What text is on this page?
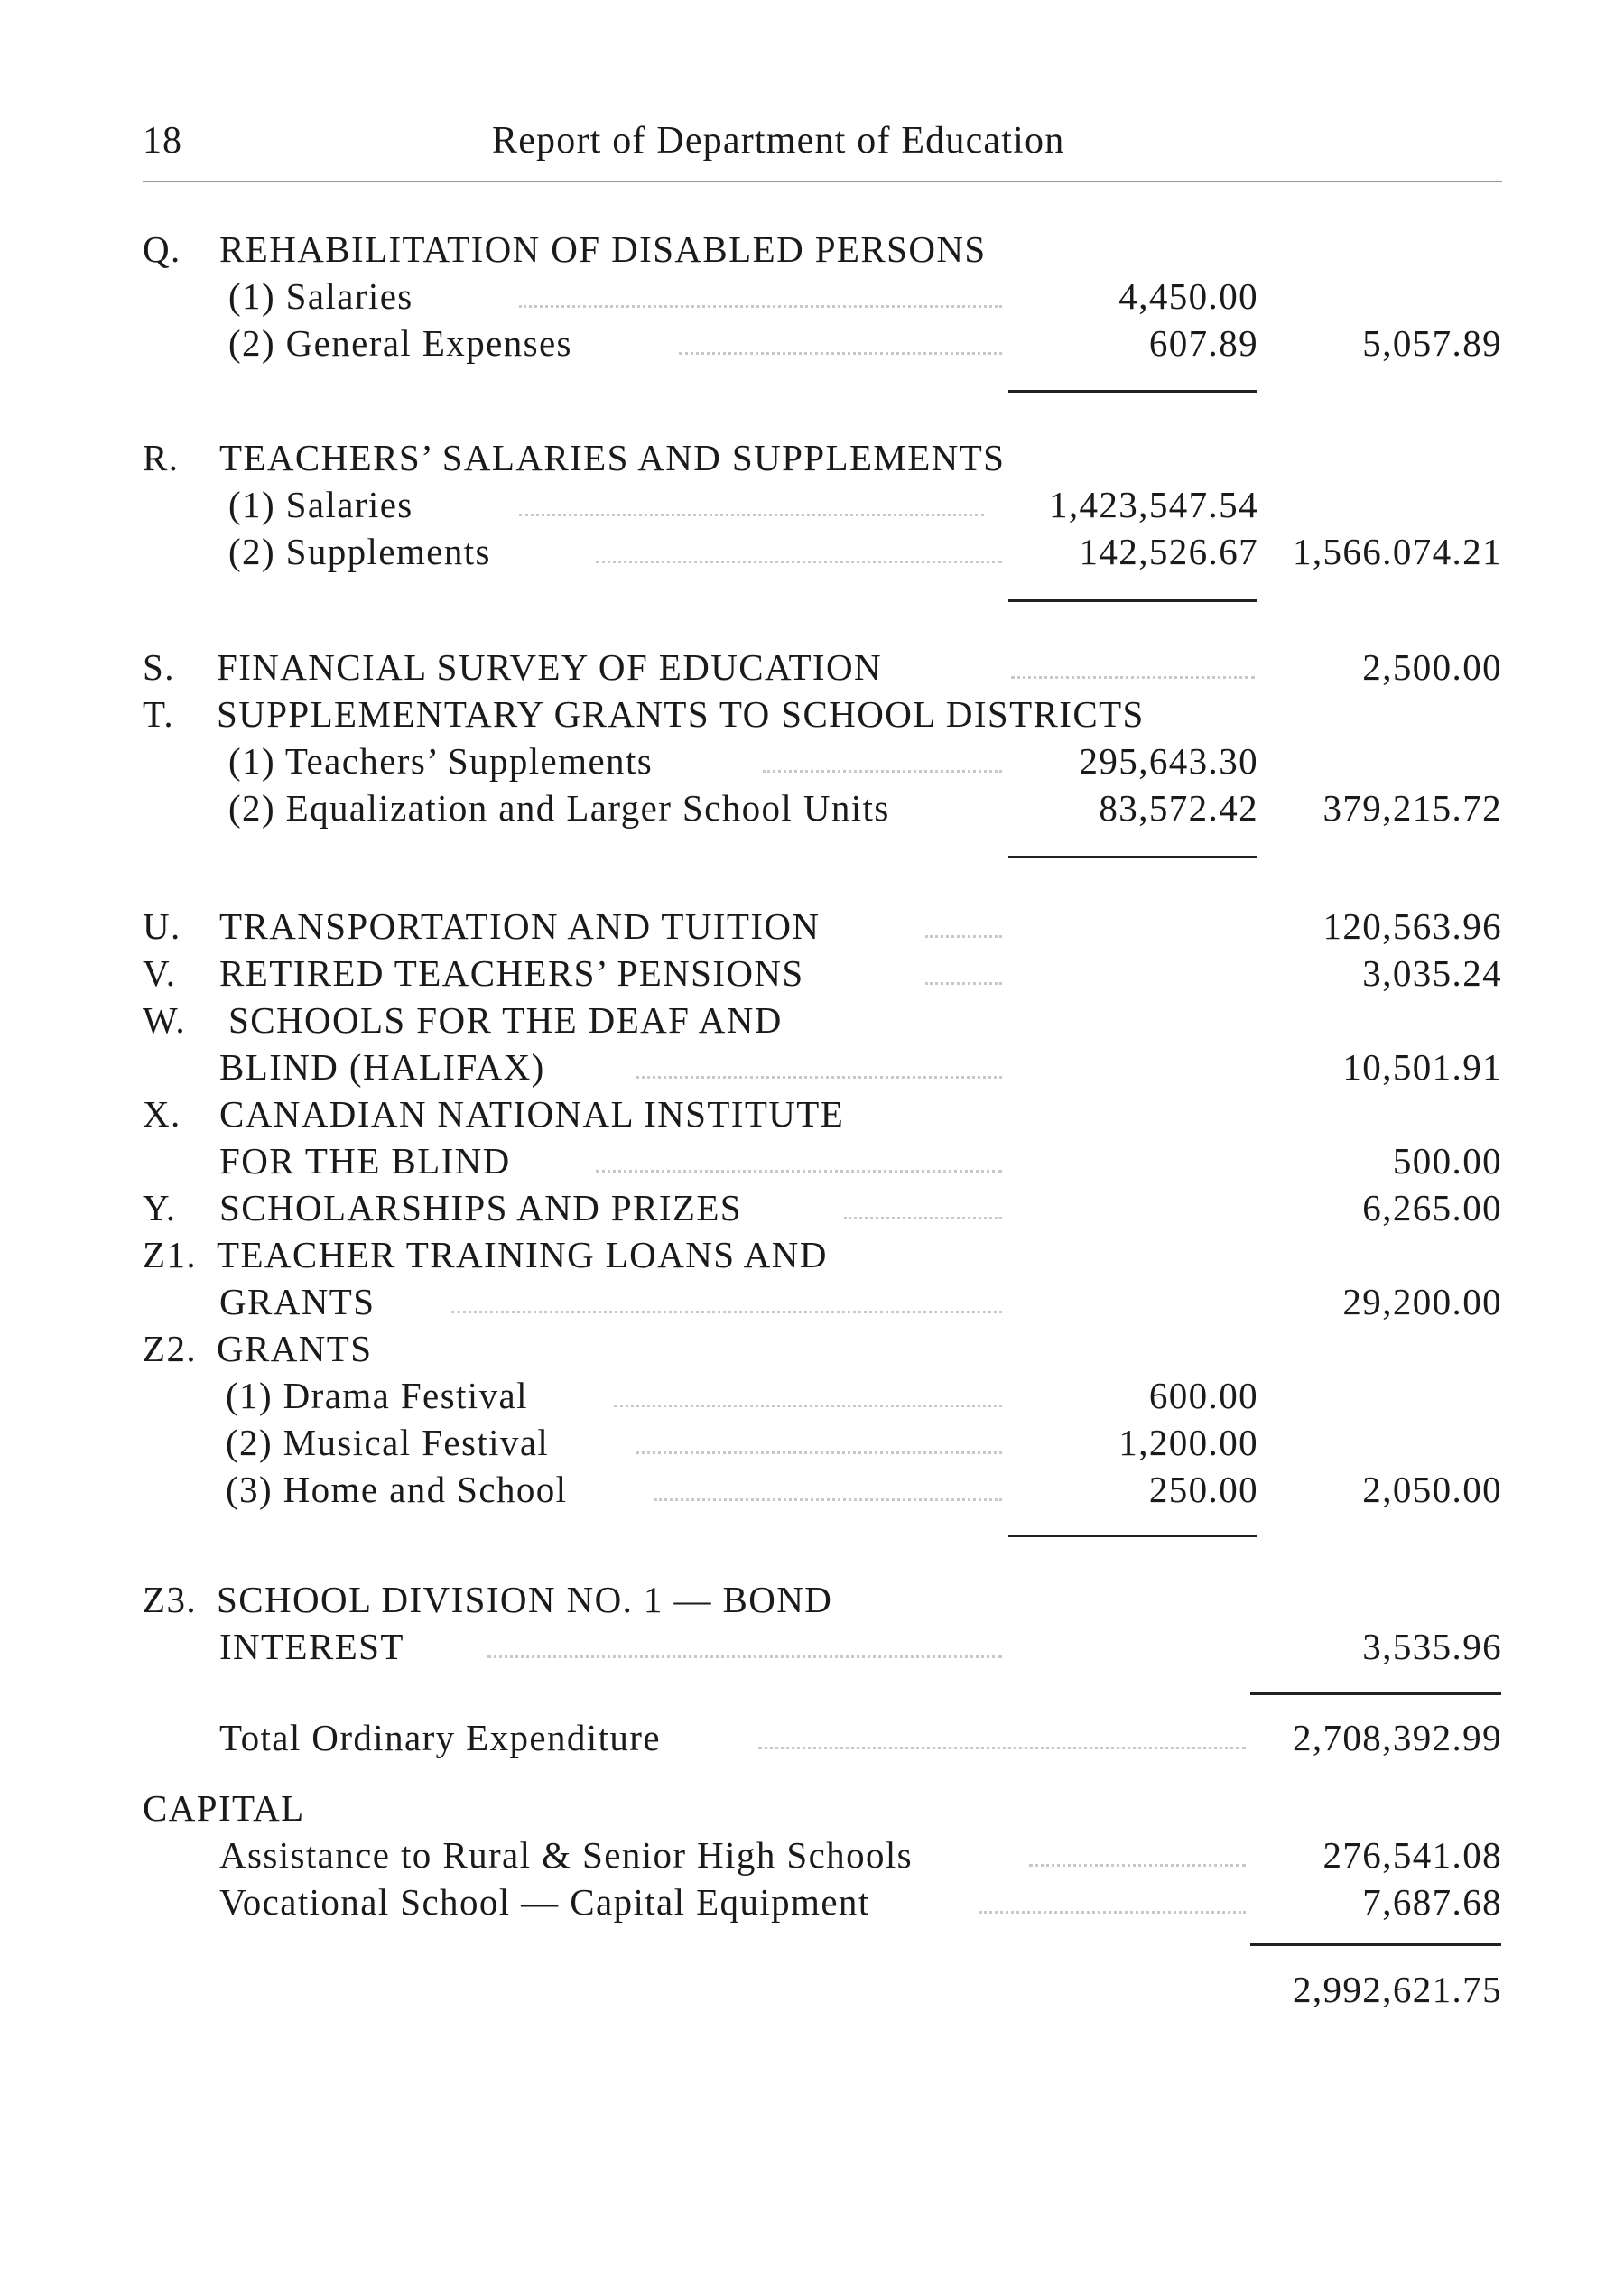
18	Report of Department of Education
Q. REHABILITATION OF DISABLED PERSONS
(1) Salaries	4,450.00
(2) General Expenses	607.89	5,057.89
R. TEACHERS’ SALARIES AND SUPPLEMENTS
(1) Salaries	1,423,547.54
(2) Supplements	142,526.67 1,566.074.21
S. FINANCIAL SURVEY OF EDUCATION	2,500.00
T. SUPPLEMENTARY GRANTS TO SCHOOL DISTRICTS
(1) Teachers’ Supplements	295,643.30
(2) Equalization and Larger School Units	83,572.42 379,215.72
U. TRANSPORTATION AND TUITION	120,563.96
V. RETIRED TEACHERS’ PENSIONS	3,035.24
W. SCHOOLS FOR THE DEAF AND
BLIND (HALIFAX)	10,501.91
X. CANADIAN NATIONAL INSTITUTE
FOR THE BLIND	500.00
Y. SCHOLARSHIPS AND PRIZES	6,265.00
Z1. TEACHER TRAINING LOANS AND
GRANTS	29,200.00
Z2. GRANTS
(1) Drama Festival	600.00
(2) Musical Festival	1,200.00
(3) Home and School	250.00	2,050.00
Z3. SCHOOL DIVISION NO. 1 — BOND
INTEREST	3,535.96
Total Ordinary Expenditure	2,708,392.99
CAPITAL
Assistance to Rural & Senior High Schools	276,541.08
Vocational School — Capital Equipment	7,687.68
2,992,621.75
